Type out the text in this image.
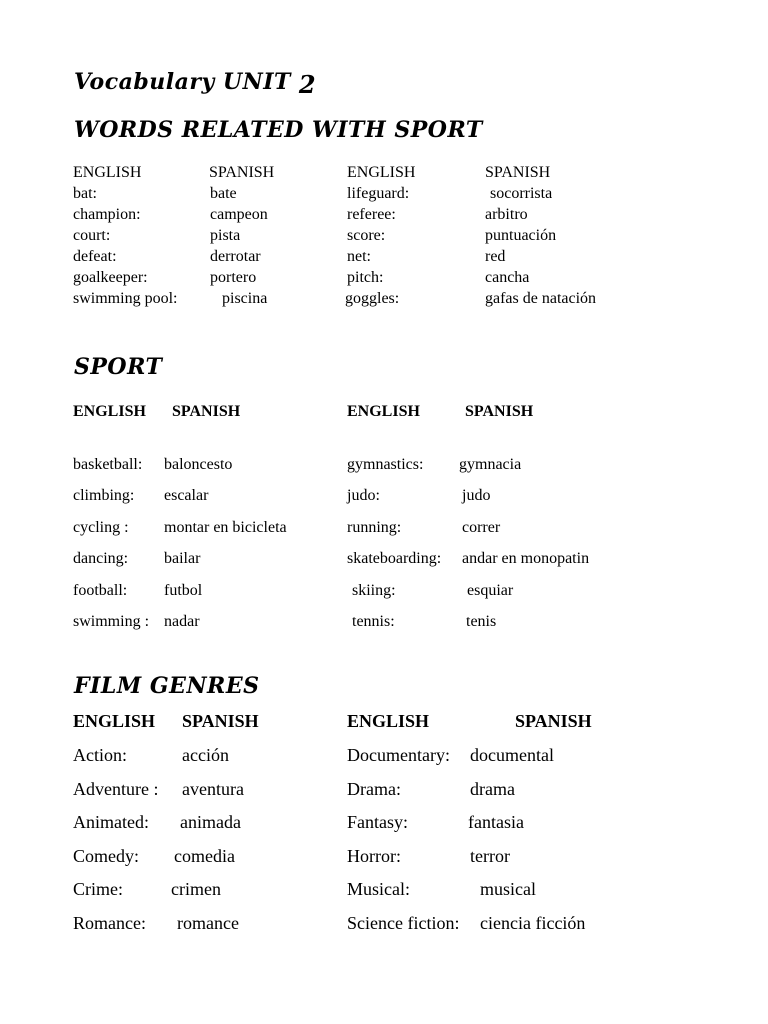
Vocabulary UNIT 2
WORDS RELATED WITH SPORT
ENGLISH	SPANISH	ENGLISH	SPANISH
bat:	bate	lifeguard:	socorrista
champion:	campeon	referee:	arbitro
court:	pista	score:	puntuación
defeat:	derrotar	net:	red
goalkeeper:	portero	pitch:	cancha
swimming pool:	piscina	goggles:	gafas de natación
SPORT
ENGLISH SPANISH	ENGLISH	SPANISH
basketball: baloncesto	gymnastics: gymnacia
climbing: escalar	judo:	judo
cycling : montar en bicicleta	running:	correr
dancing: bailar	skateboarding: andar en monopatin
football: futbol	skiing:	esquiar
swimming : nadar	tennis:	tenis
FILM GENRES
ENGLISH SPANISH	ENGLISH	SPANISH
Action:	acción	Documentary: documental
Adventure : aventura	Drama:	drama
Animated: animada	Fantasy:	fantasia
Comedy: comedia	Horror:	terror
Crime:	crimen	Musical:	musical
Romance: romance	Science fiction: ciencia ficción
